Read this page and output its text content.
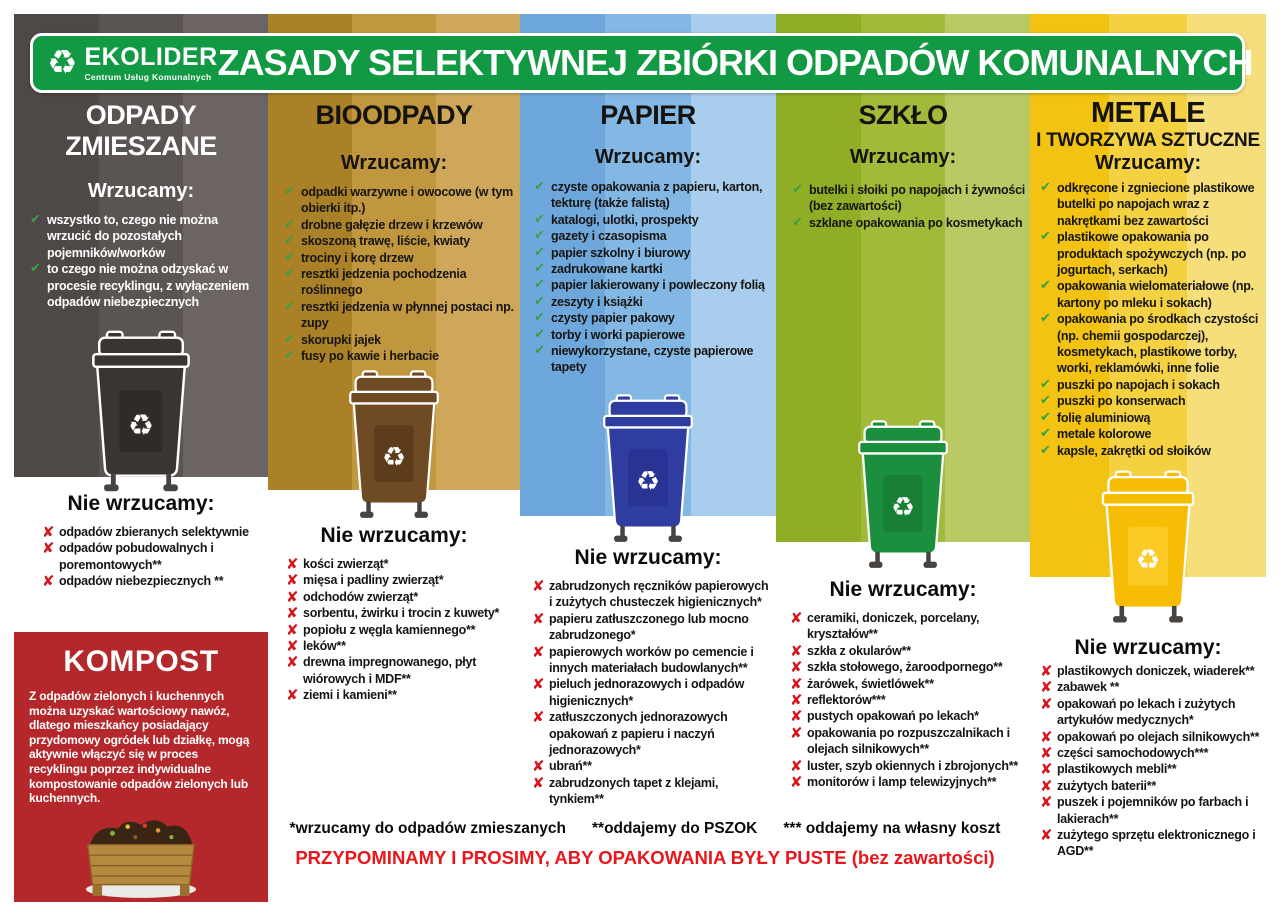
ODPADY
ZMIESZANE
Wrzucamy:
✔ wszystko to, czego nie można wrzucić do pozostałych pojemników/worków
✔ to czego nie można odzyskać w procesie recyklingu, z wyłączeniem odpadów niebezpiecznych
♻
Nie wrzucamy:
✘ odpadów zbieranych selektywnie
✘ odpadów pobudowalnych i poremontowych**
✘ odpadów niebezpiecznych **
KOMPOST
Z odpadów zielonych i kuchennych można uzyskać wartościowy nawóz, dlatego mieszkańcy posiadający przydomowy ogródek lub działkę, mogą aktywnie włączyć się w proces recyklingu poprzez indywidualne kompostowanie odpadów zielonych lub kuchennych.
BIOODPADY
Wrzucamy:
✔ odpadki warzywne i owocowe (w tym obierki itp.)
✔ drobne gałęzie drzew i krzewów
✔ skoszoną trawę, liście, kwiaty
✔ trociny i korę drzew
✔ resztki jedzenia pochodzenia roślinnego
✔ resztki jedzenia w płynnej postaci np. zupy
✔ skorupki jajek
✔ fusy po kawie i herbacie
♻
Nie wrzucamy:
✘ kości zwierząt*
✘ mięsa i padliny zwierząt*
✘ odchodów zwierząt*
✘ sorbentu, żwirku i trocin z kuwety*
✘ popiołu z węgla kamiennego**
✘ leków**
✘ drewna impregnowanego, płyt wiórowych i MDF**
✘ ziemi i kamieni**
PAPIER
Wrzucamy:
✔ czyste opakowania z papieru, karton, tekturę (także falistą)
✔ katalogi, ulotki, prospekty
✔ gazety i czasopisma
✔ papier szkolny i biurowy
✔ zadrukowane kartki
✔ papier lakierowany i powleczony folią
✔ zeszyty i książki
✔ czysty papier pakowy
✔ torby i worki papierowe
✔ niewykorzystane, czyste papierowe tapety
♻
Nie wrzucamy:
✘ zabrudzonych ręczników papierowych i zużytych chusteczek higienicznych*
✘ papieru zatłuszczonego lub mocno zabrudzonego*
✘ papierowych worków po cemencie i innych materiałach budowlanych**
✘ pieluch jednorazowych i odpadów higienicznych*
✘ zatłuszczonych jednorazowych opakowań z papieru i naczyń jednorazowych*
✘ ubrań**
✘ zabrudzonych tapet z klejami, tynkiem**
SZKŁO
Wrzucamy:
✔ butelki i słoiki po napojach i żywności (bez zawartości)
✔ szklane opakowania po kosmetykach
♻
Nie wrzucamy:
✘ ceramiki, doniczek, porcelany, kryształów**
✘ szkła z okularów**
✘ szkła stołowego, żaroodpornego**
✘ żarówek, świetlówek**
✘ reflektorów***
✘ pustych opakowań po lekach*
✘ opakowania po rozpuszczalnikach i olejach silnikowych**
✘ luster, szyb okiennych i zbrojonych**
✘ monitorów i lamp telewizyjnych**
METALE
I TWORZYWA SZTUCZNE
Wrzucamy:
✔ odkręcone i zgniecione plastikowe butelki po napojach wraz z nakrętkami bez zawartości
✔ plastikowe opakowania po produktach spożywczych (np. po jogurtach, serkach)
✔ opakowania wielomateriałowe (np. kartony po mleku i sokach)
✔ opakowania po środkach czystości (np. chemii gospodarczej), kosmetykach, plastikowe torby, worki, reklamówki, inne folie
✔ puszki po napojach i sokach
✔ puszki po konserwach
✔ folię aluminiową
✔ metale kolorowe
✔ kapsle, zakrętki od słoików
♻
Nie wrzucamy:
✘ plastikowych doniczek, wiaderek**
✘ zabawek **
✘ opakowań po lekach i zużytych artykułów medycznych*
✘ opakowań po olejach silnikowych**
✘ części samochodowych***
✘ plastikowych mebli**
✘ zużytych baterii**
✘ puszek i pojemników po farbach i lakierach**
✘ zużytego sprzętu elektronicznego i AGD**
♻ EKOLIDER
Centrum Usług Komunalnych ZASADY SELEKTYWNEJ ZBIÓRKI ODPADÓW KOMUNALNYCH
*wrzucamy do odpadów zmieszanych **oddajemy do PSZOK *** oddajemy na własny koszt
PRZYPOMINAMY I PROSIMY, ABY OPAKOWANIA BYŁY PUSTE (bez zawartości)
